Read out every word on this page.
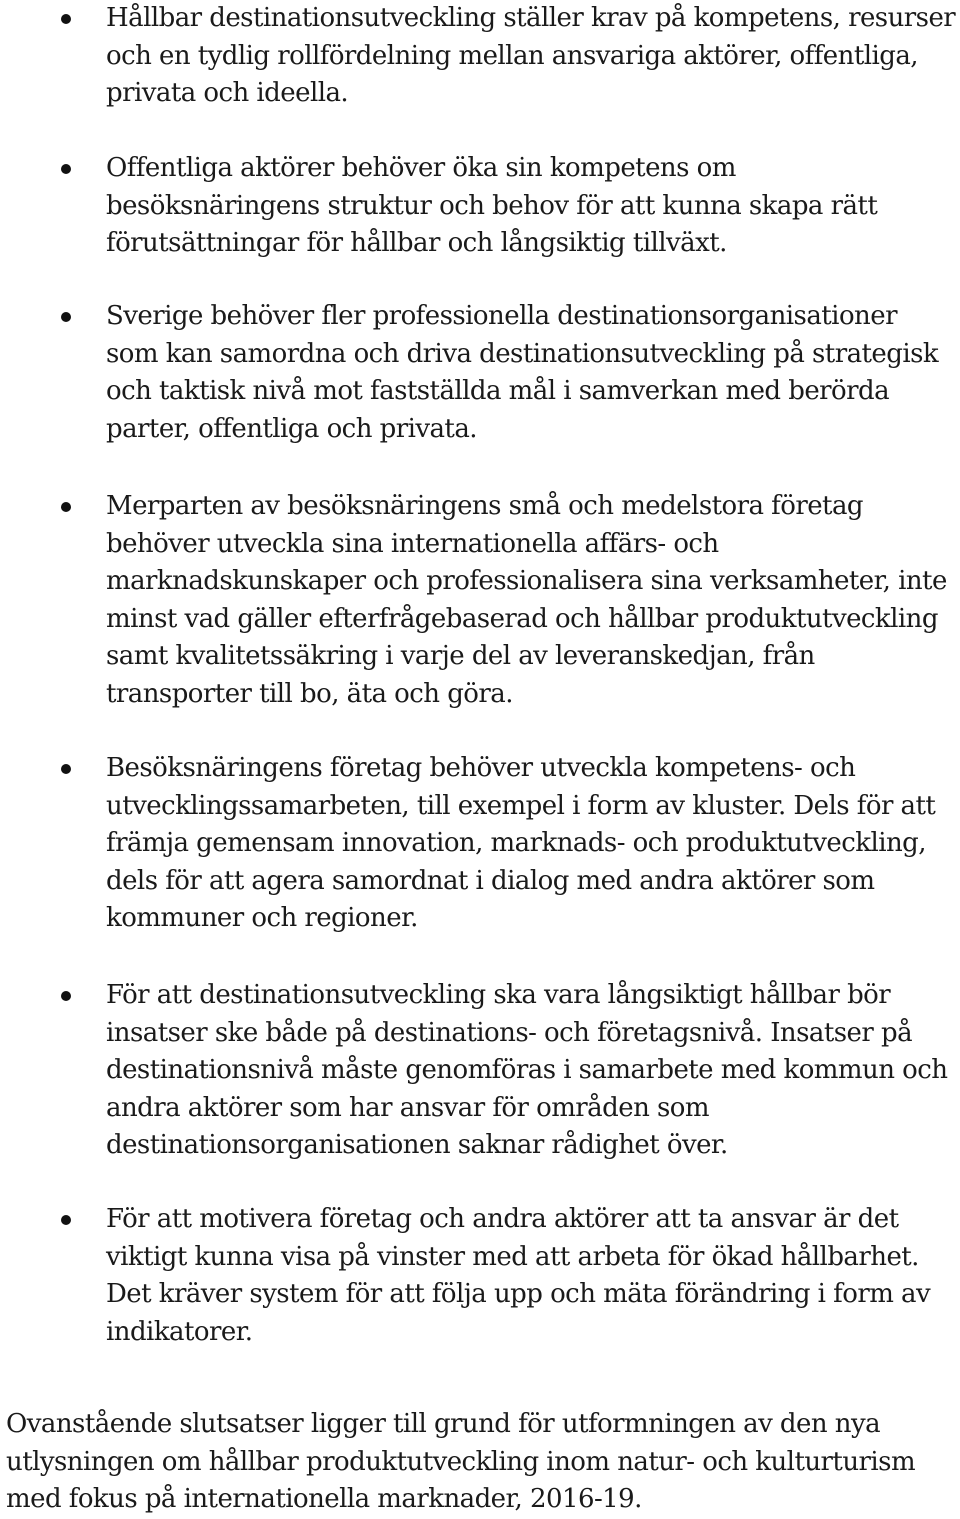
Hållbar destinationsutveckling ställer krav på kompetens, resurser och en tydlig rollfördelning mellan ansvariga aktörer, offentliga, privata och ideella.
Offentliga aktörer behöver öka sin kompetens om besöksnäringens struktur och behov för att kunna skapa rätt förutsättningar för hållbar och långsiktig tillväxt.
Sverige behöver fler professionella destinationsorganisationer som kan samordna och driva destinationsutveckling på strategisk och taktisk nivå mot fastställda mål i samverkan med berörda parter, offentliga och privata.
Merparten av besöksnäringens små och medelstora företag behöver utveckla sina internationella affärs- och marknadskunskaper och professionalisera sina verksamheter, inte minst vad gäller efterfrågebaserad och hållbar produktutveckling samt kvalitetssäkring i varje del av leveranskedjan, från transporter till bo, äta och göra.
Besöksnäringens företag behöver utveckla kompetens- och utvecklingssamarbeten, till exempel i form av kluster. Dels för att främja gemensam innovation, marknads- och produktutveckling, dels för att agera samordnat i dialog med andra aktörer som kommuner och regioner.
För att destinationsutveckling ska vara långsiktigt hållbar bör insatser ske både på destinations- och företagsnivå. Insatser på destinationsnivå måste genomföras i samarbete med kommun och andra aktörer som har ansvar för områden som destinationsorganisationen saknar rådighet över.
För att motivera företag och andra aktörer att ta ansvar är det viktigt kunna visa på vinster med att arbeta för ökad hållbarhet. Det kräver system för att följa upp och mäta förändring i form av indikatorer.

Ovanstående slutsatser ligger till grund för utformningen av den nya utlysningen om hållbar produktutveckling inom natur- och kulturturism med fokus på internationella marknader, 2016-19.
